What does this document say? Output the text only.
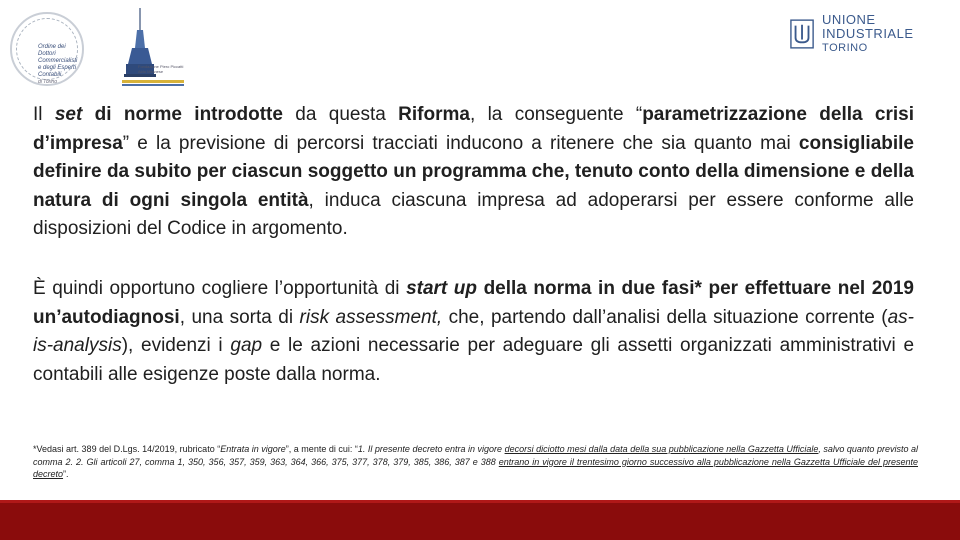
Ordine dei
Dottori Commercialisti
e degli Esperti Contabili
di Torino
Fondazione Piero Piccatti Aldo Milanese
UNIONE INDUSTRIALE
TORINO
Il set di norme introdotte da questa Riforma, la conseguente “parametrizzazione della crisi d’impresa” e la previsione di percorsi tracciati inducono a ritenere che sia quanto mai consigliabile definire da subito per ciascun soggetto un programma che, tenuto conto della dimensione e della natura di ogni singola entità, induca ciascuna impresa ad adoperarsi per essere conforme alle disposizioni del Codice in argomento.
È quindi opportuno cogliere l’opportunità di start up della norma in due fasi* per effettuare nel 2019 un’autodiagnosi, una sorta di risk assessment, che, partendo dall’analisi della situazione corrente (as-is-analysis), evidenzi i gap e le azioni necessarie per adeguare gli assetti organizzati amministrativi e contabili alle esigenze poste dalla norma.
*Vedasi art. 389 del D.Lgs. 14/2019, rubricato “Entrata in vigore”, a mente di cui: “1. Il presente decreto entra in vigore decorsi diciotto mesi dalla data della sua pubblicazione nella Gazzetta Ufficiale, salvo quanto previsto al comma 2. 2. Gli articoli 27, comma 1, 350, 356, 357, 359, 363, 364, 366, 375, 377, 378, 379, 385, 386, 387 e 388 entrano in vigore il trentesimo giorno successivo alla pubblicazione nella Gazzetta Ufficiale del presente decreto”.
